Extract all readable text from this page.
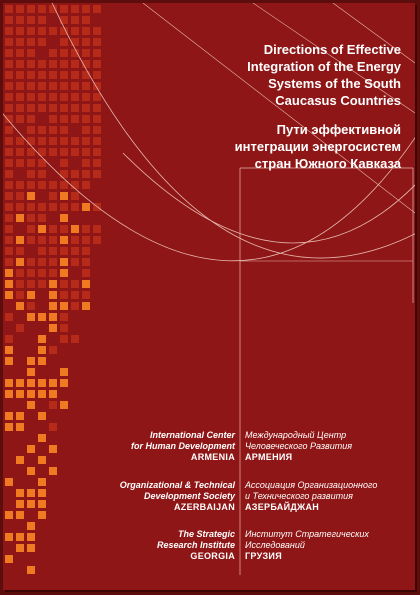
Directions of Effective
Integration of the Energy
Systems of the South
Caucasus Countries
Пути эффективной
интеграции энергосистем
стран Южного Кавказа
International Center
for Human Development
ARMENIA
Международный Центр
Человеческого Развития
АРМЕНИЯ
Organizational & Technical
Development Society
AZERBAIJAN
Ассоциация Организационного
и Технического развития
АЗЕРБАЙДЖАН
The Strategic
Research Institute
GEORGIA
Институт Стратегических
Исследований
ГРУЗИЯ
